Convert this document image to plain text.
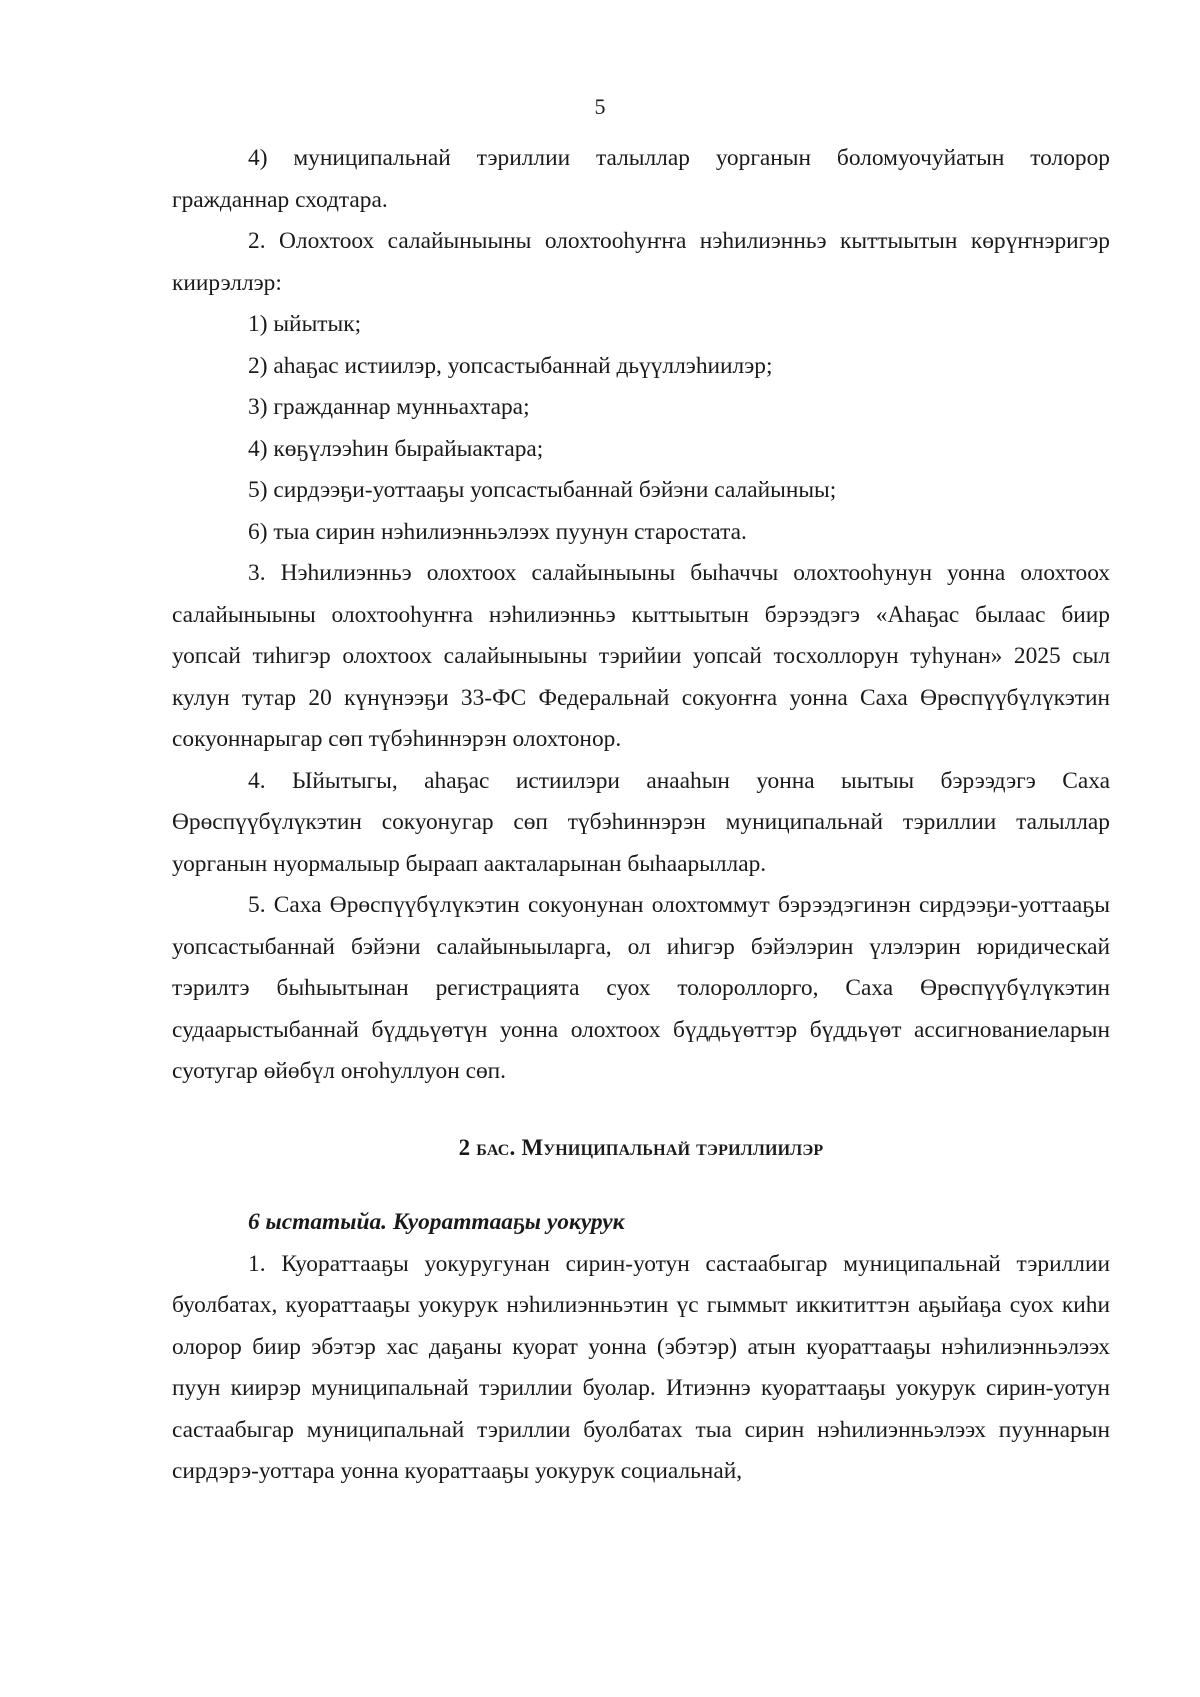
5

4) муниципальнай тэриллии талыллар уорганын боломуочуйатын толорор гражданнар сходтара.

2. Олохтоох салайыныыны олохтооһуҥҥа нэһилиэнньэ кыттыытын көрүҥнэригэр киирэллэр:

1) ыйытык;

2) аһаҕас истиилэр, уопсастыбаннай дьүүллэһиилэр;

3) гражданнар мунньахтара;

4) көҕүлээһин бырайыактара;

5) сирдээҕи-уоттааҕы уопсастыбаннай бэйэни салайыныы;

6) тыа сирин нэһилиэнньэлээх пуунун старостата.

3. Нэһилиэнньэ олохтоох салайыныыны быһаччы олохтооһунун уонна олохтоох салайыныыны олохтооһуҥҥа нэһилиэнньэ кыттыытын бэрээдэгэ «Аһаҕас былаас биир уопсай тиһигэр олохтоох салайыныыны тэрийии уопсай тосхоллорун туһунан» 2025 сыл кулун тутар 20 күнүнээҕи 33-ФС Федеральнай сокуоҥҥа уонна Саха Өрөспүүбүлүкэтин сокуоннарыгар сөп түбэһиннэрэн олохтонор.

4. Ыйытыгы, аһаҕас истиилэри анааһын уонна ыытыы бэрээдэгэ Саха Өрөспүүбүлүкэтин сокуонугар сөп түбэһиннэрэн муниципальнай тэриллии талыллар уорганын нуормалыыр быраап аакталарынан быһаарыллар.

5. Саха Өрөспүүбүлүкэтин сокуонунан олохтоммут бэрээдэгинэн сирдээҕи-уоттааҕы уопсастыбаннай бэйэни салайыныыларга, ол иһигэр бэйэлэрин үлэлэрин юридическай тэрилтэ быһыытынан регистрацията суох толороллорго, Саха Өрөспүүбүлүкэтин судаарыстыбаннай бүддьүөтүн уонна олохтоох бүддьүөттэр бүддьүөт ассигнованиеларын суотугар өйөбүл оҥоһуллуон сөп.

2 бас. Муниципальнай тэриллиилэр

6 ыстатыйа. Куораттааҕы уокурук

1. Куораттааҕы уокуругунан сирин-уотун састаабыгар муниципальнай тэриллии буолбатах, куораттааҕы уокурук нэһилиэнньэтин үс гыммыт иккититтэн аҕыйаҕа суох киһи олорор биир эбэтэр хас даҕаны куорат уонна (эбэтэр) атын куораттааҕы нэһилиэнньэлээх пуун киирэр муниципальнай тэриллии буолар. Итиэннэ куораттааҕы уокурук сирин-уотун састаабыгар муниципальнай тэриллии буолбатах тыа сирин нэһилиэнньэлээх пууннарын сирдэрэ-уоттара уонна куораттааҕы уокурук социальнай,
